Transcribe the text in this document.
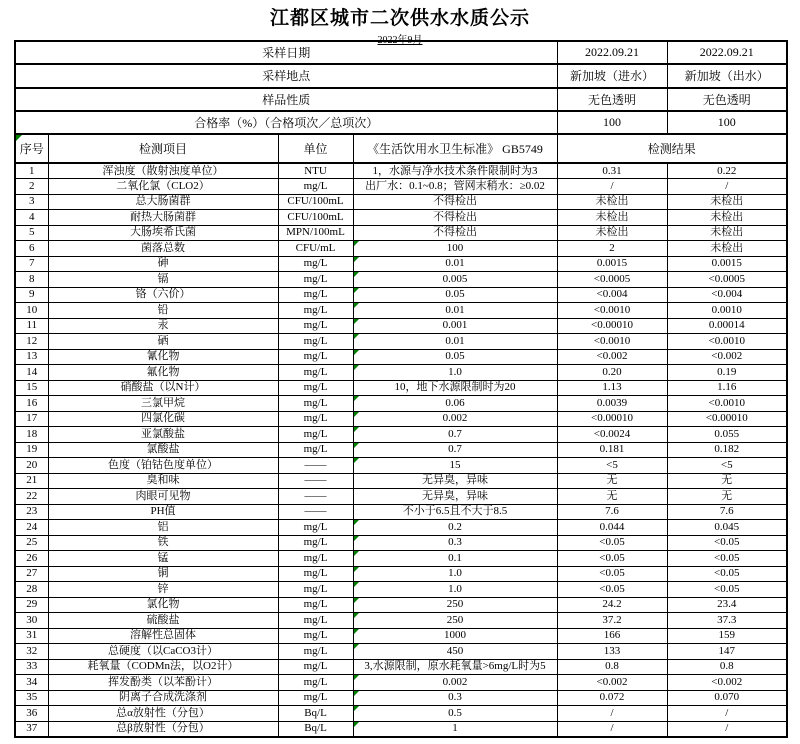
江都区城市二次供水水质公示
2022年9月
采样日期				2022.09.21	2022.09.21
采样地点				新加坡（进水）	新加坡（出水）
样品性质				无色透明	无色透明
合格率（%）（合格项次／总项次）				100	100

序号	检测项目	单位	《生活饮用水卫生标准》 GB5749	检测结果	
1	浑浊度（散射浊度单位）	NTU	1，水源与净水技术条件限制时为3	0.31	0.22
2	二氧化氯（CLO2）	mg/L	出厂水：0.1~0.8；管网末稍水：≥0.02	/	/
3	总大肠菌群	CFU/100mL	不得检出	未检出	未检出
4	耐热大肠菌群	CFU/100mL	不得检出	未检出	未检出
5	大肠埃希氏菌	MPN/100mL	不得检出	未检出	未检出
6	菌落总数	CFU/mL	100	2	未检出
7	砷	mg/L	0.01	0.0015	0.0015
8	镉	mg/L	0.005	<0.0005	<0.0005
9	铬（六价）	mg/L	0.05	<0.004	<0.004
10	铅	mg/L	0.01	<0.0010	0.0010
11	汞	mg/L	0.001	<0.00010	0.00014
12	硒	mg/L	0.01	<0.0010	<0.0010
13	氰化物	mg/L	0.05	<0.002	<0.002
14	氟化物	mg/L	1.0	0.20	0.19
15	硝酸盐（以N计）	mg/L	10，地下水源限制时为20	1.13	1.16
16	三氯甲烷	mg/L	0.06	0.0039	<0.0010
17	四氯化碳	mg/L	0.002	<0.00010	<0.00010
18	亚氯酸盐	mg/L	0.7	<0.0024	0.055
19	氯酸盐	mg/L	0.7	0.181	0.182
20	色度（铂钴色度单位）	——	15	<5	<5
21	臭和味	——	无异臭，异味	无	无
22	肉眼可见物	——	无异臭，异味	无	无
23	PH值	——	不小于6.5且不大于8.5	7.6	7.6
24	铝	mg/L	0.2	0.044	0.045
25	铁	mg/L	0.3	<0.05	<0.05
26	锰	mg/L	0.1	<0.05	<0.05
27	铜	mg/L	1.0	<0.05	<0.05
28	锌	mg/L	1.0	<0.05	<0.05
29	氯化物	mg/L	250	24.2	23.4
30	硫酸盐	mg/L	250	37.2	37.3
31	溶解性总固体	mg/L	1000	166	159
32	总硬度（以CaCO3计）	mg/L	450	133	147
33	耗氧量（CODMn法，以O2计）	mg/L	3,水源限制，原水耗氧量>6mg/L时为5	0.8	0.8
34	挥发酚类（以苯酚计）	mg/L	0.002	<0.002	<0.002
35	阴离子合成洗涤剂	mg/L	0.3	0.072	0.070
36	总α放射性（分包）	Bq/L	0.5	/	/
37	总β放射性（分包）	Bq/L	1	/	/
